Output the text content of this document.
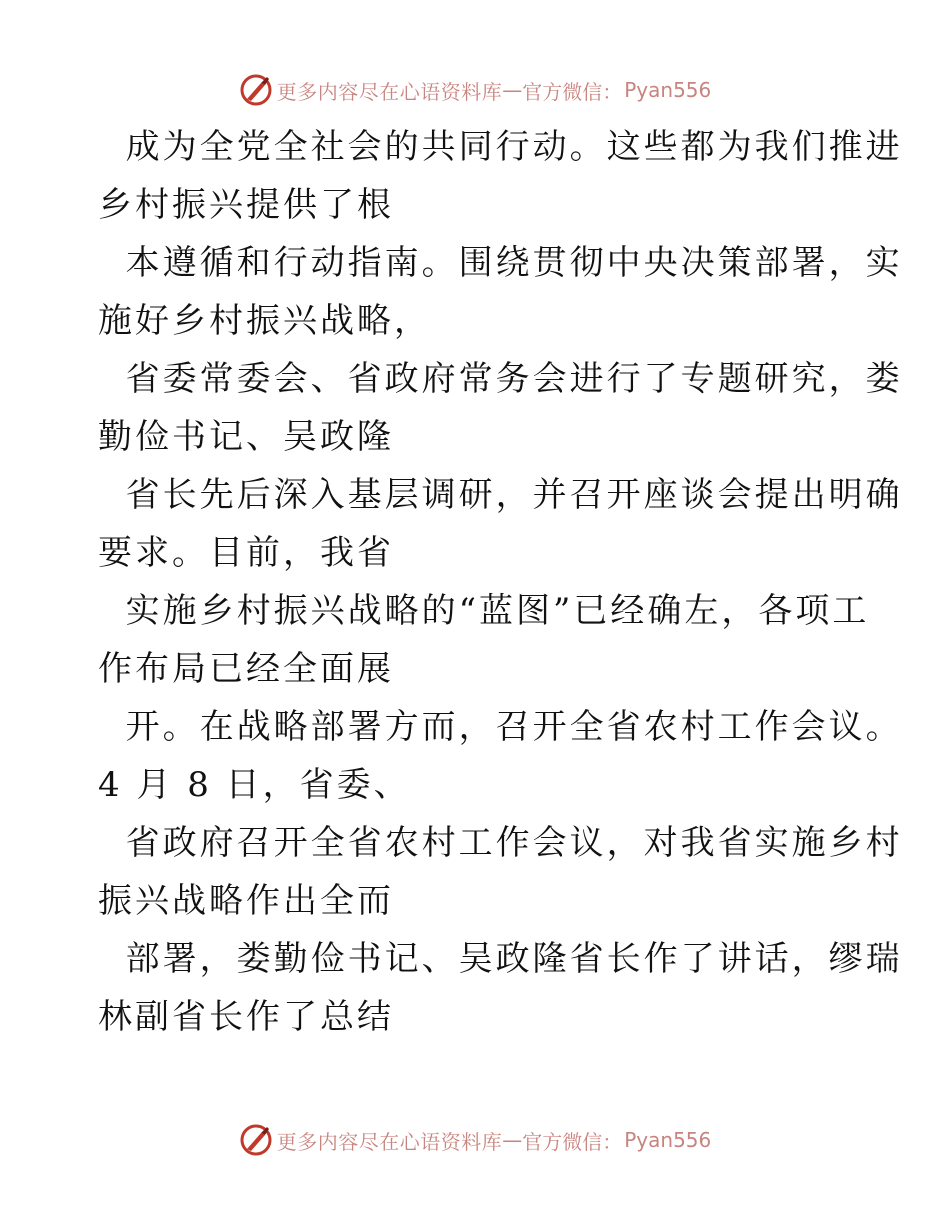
更多内容尽在心语资料库 — 官方微信： Pyan556

成为全党全社会的共同行动。这些都为我们推进

乡村振兴提供了根

本遵循和行动指南。围绕贯彻中央决策部署，实

施好乡村振兴战略，

省委常委会、省政府常务会进行了专题研究，娄

勤俭书记、吴政隆

省长先后深入基层调研，并召开座谈会提出明确

要求。目前，我省

实施乡村振兴战略的“蓝图”已经确左，各项工

作布局已经全面展

开。在战略部署方而，召开全省农村工作会议。

4 月 8 日，省委、

省政府召开全省农村工作会议，对我省实施乡村

振兴战略作出全而

部署，娄勤俭书记、吴政隆省长作了讲话，缪瑞

林副省长作了总结

更多内容尽在心语资料库 — 官方微信： Pyan556
